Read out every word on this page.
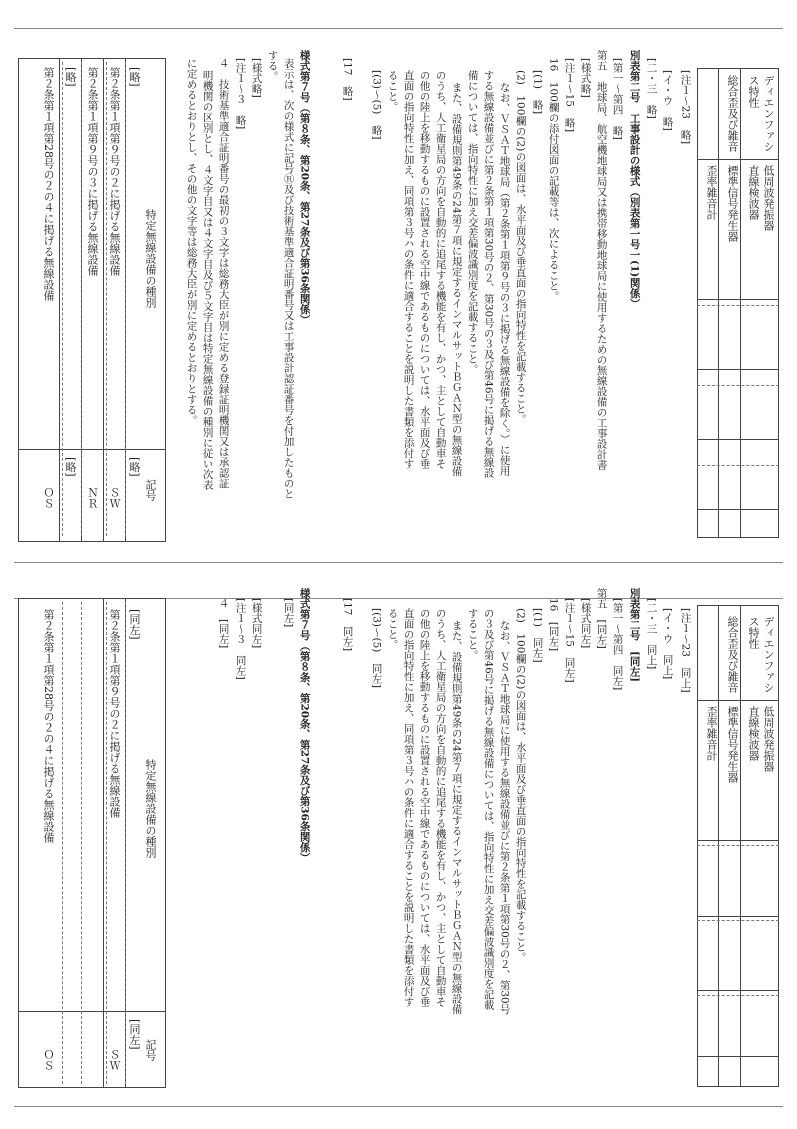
ディエンファシ
ス特性
総合歪及び雑音
低周波発振器
直線検波器
標準信号発生器
歪率雑音計
[注１～23　略]
[イ・ウ　略]
[二・三　略]
別表第二号　工事設計の様式（別表第一号一(1)関係）
[第一～第四　略]
第五　地球局、航空機地球局又は携帯移動地球局に使用するための無線設備の工事設計書
[様式略]
[注１～15　略]
16　100欄の添付図面の記載等は、次によること。
[(1)　略]
(2)　100欄の(2)の図面は、水平面及び垂直面の指向特性を記載すること。
なお、ＶＳＡＴ地球局（第２条第１項第９号の３に掲げる無線設備を除く。）に使用
する無線設備並びに第２条第１項第30号の２、第30号の３及び第46号に掲げる無線設
備については、指向特性に加え交差偏波識別度を記載すること。
また、設備規則第49条の24第７項に規定するインマルサットＢＧＡＮ型の無線設備
のうち、人工衛星局の方向を自動的に追尾する機能を有し、かつ、主として自動車そ
の他の陸上を移動するものに設置される空中線であるものについては、水平面及び垂
直面の指向特性に加え、同項第３号ハの条件に適合することを説明した書類を添付す
ること。
[(3)～(5)　略]
[17　略]
様式第７号（第８条、第20条、第27条及び第36条関係）
表示は、次の様式に記号Ⓡ及び技術基準適合証明番号又は工事設計認証番号を付加したものと
する。
[様式略]
[注１～３　略]
４　技術基準適合証明番号の最初の３文字は総務大臣が別に定める登録証明機関又は承認証
明機関の区別とし、４文字目又は４文字目及び５文字目は特定無線設備の種別に従い次表
に定めるとおりとし、その他の文字等は総務大臣が別に定めるとおりとする。
特定無線設備の種別
記号
[略]
[略]
第２条第１項第９号の２に掲げる無線設備
ＳＷ
第２条第１項第９号の３に掲げる無線設備
ＮＲ
[略]
[略]
第２条第１項第28号の２の４に掲げる無線設備
ＯＳ
ディエンファシ
ス特性
総合歪及び雑音
低周波発振器
直線検波器
標準信号発生器
歪率雑音計
[注１～23　同上]
[イ・ウ　同上]
[二・三　同上]
別表第二号　[同左]
[第一～第四　同左]
第五　[同左]
[様式同左]
[注１～15　同左]
16　[同左]
[(1)　同左]
(2)　100欄の(2)の図面は、水平面及び垂直面の指向特性を記載すること。
なお、ＶＳＡＴ地球局に使用する無線設備並びに第２条第１項第30号の２、第30号
の３及び第46号に掲げる無線設備については、指向特性に加え交差偏波識別度を記載
すること。
また、設備規則第49条の24第７項に規定するインマルサットＢＧＡＮ型の無線設備
のうち、人工衛星局の方向を自動的に追尾する機能を有し、かつ、主として自動車そ
の他の陸上を移動するものに設置される空中線であるものについては、水平面及び垂
直面の指向特性に加え、同項第３号ハの条件に適合することを説明した書類を添付す
ること。
[(3)～(5)　同左]
[17　同左]
様式第７号（第８条、第20条、第27条及び第36条関係）
[同左]
[様式同左]
[注１～３　同左]
４　[同左]
特定無線設備の種別
記号
[同左]
[同左]
第２条第１項第９号の２に掲げる無線設備
ＳＷ
第２条第１項第28号の２の４に掲げる無線設備
ＯＳ
